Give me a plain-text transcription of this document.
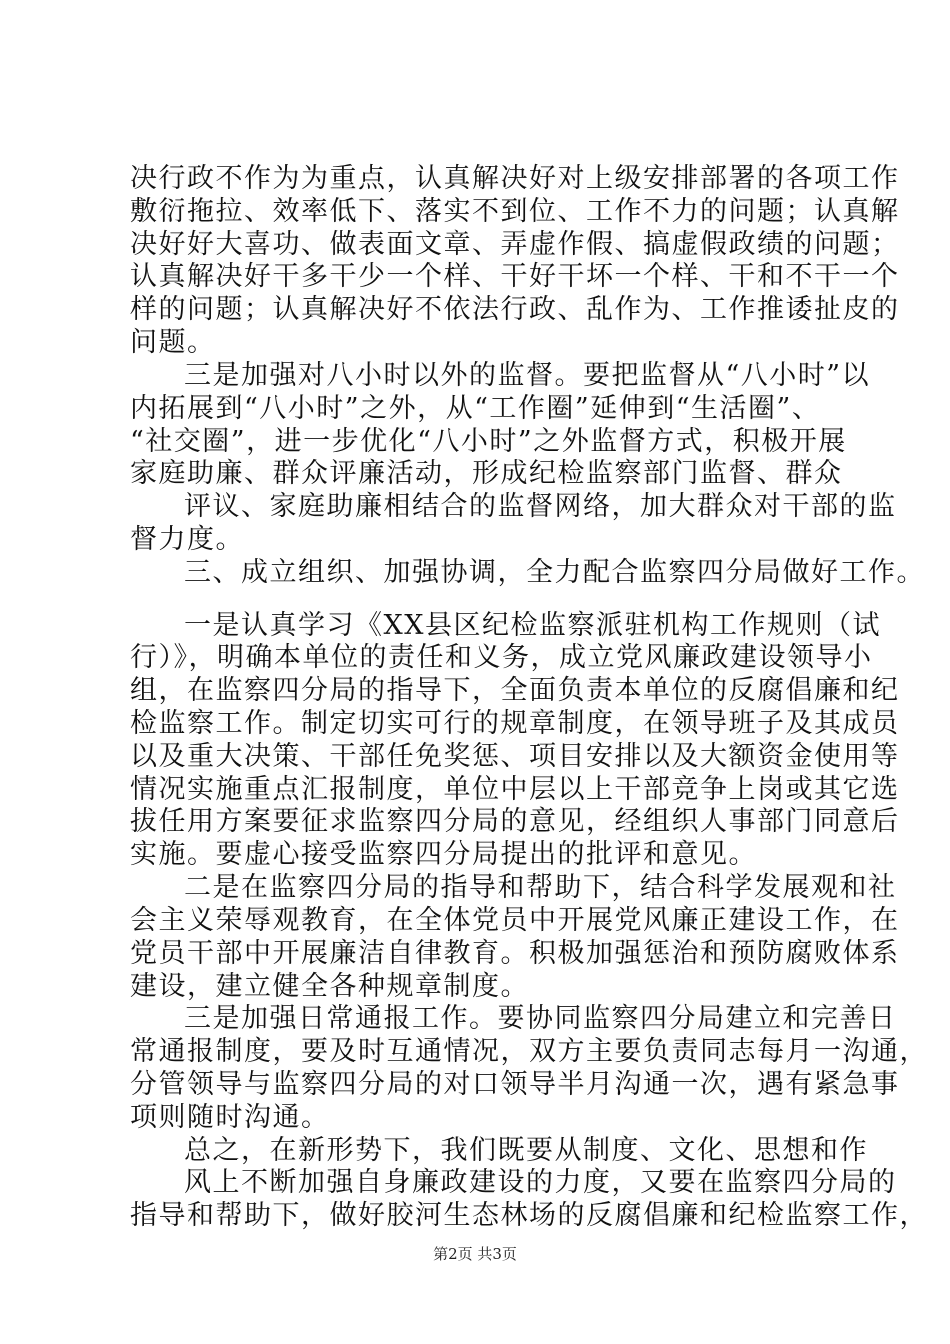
决行政不作为为重点，认真解决好对上级安排部署的各项工作
敷衍拖拉、效率低下、落实不到位、工作不力的问题；认真解
决好好大喜功、做表面文章、弄虚作假、搞虚假政绩的问题；
认真解决好干多干少一个样、干好干坏一个样、干和不干一个
样的问题；认真解决好不依法行政、乱作为、工作推诿扯皮的
问题。
三是加强对八小时以外的监督。要把监督从“八小时”以
内拓展到“八小时”之外，从“工作圈”延伸到“生活圈”、
“社交圈”，进一步优化“八小时”之外监督方式，积极开展
家庭助廉、群众评廉活动，形成纪检监察部门监督、群众
评议、家庭助廉相结合的监督网络，加大群众对干部的监
督力度。
三、成立组织、加强协调，全力配合监察四分局做好工作。
一是认真学习《XX县区纪检监察派驻机构工作规则（试
行）》，明确本单位的责任和义务，成立党风廉政建设领导小
组，在监察四分局的指导下，全面负责本单位的反腐倡廉和纪
检监察工作。制定切实可行的规章制度，在领导班子及其成员
以及重大决策、干部任免奖惩、项目安排以及大额资金使用等
情况实施重点汇报制度，单位中层以上干部竞争上岗或其它选
拔任用方案要征求监察四分局的意见，经组织人事部门同意后
实施。要虚心接受监察四分局提出的批评和意见。
二是在监察四分局的指导和帮助下，结合科学发展观和社
会主义荣辱观教育，在全体党员中开展党风廉正建设工作，在
党员干部中开展廉洁自律教育。积极加强惩治和预防腐败体系
建设，建立健全各种规章制度。
三是加强日常通报工作。要协同监察四分局建立和完善日
常通报制度，要及时互通情况，双方主要负责同志每月一沟通，
分管领导与监察四分局的对口领导半月沟通一次，遇有紧急事
项则随时沟通。
总之，在新形势下，我们既要从制度、文化、思想和作
风上不断加强自身廉政建设的力度，又要在监察四分局的
指导和帮助下，做好胶河生态林场的反腐倡廉和纪检监察工作，
第2页 共3页
